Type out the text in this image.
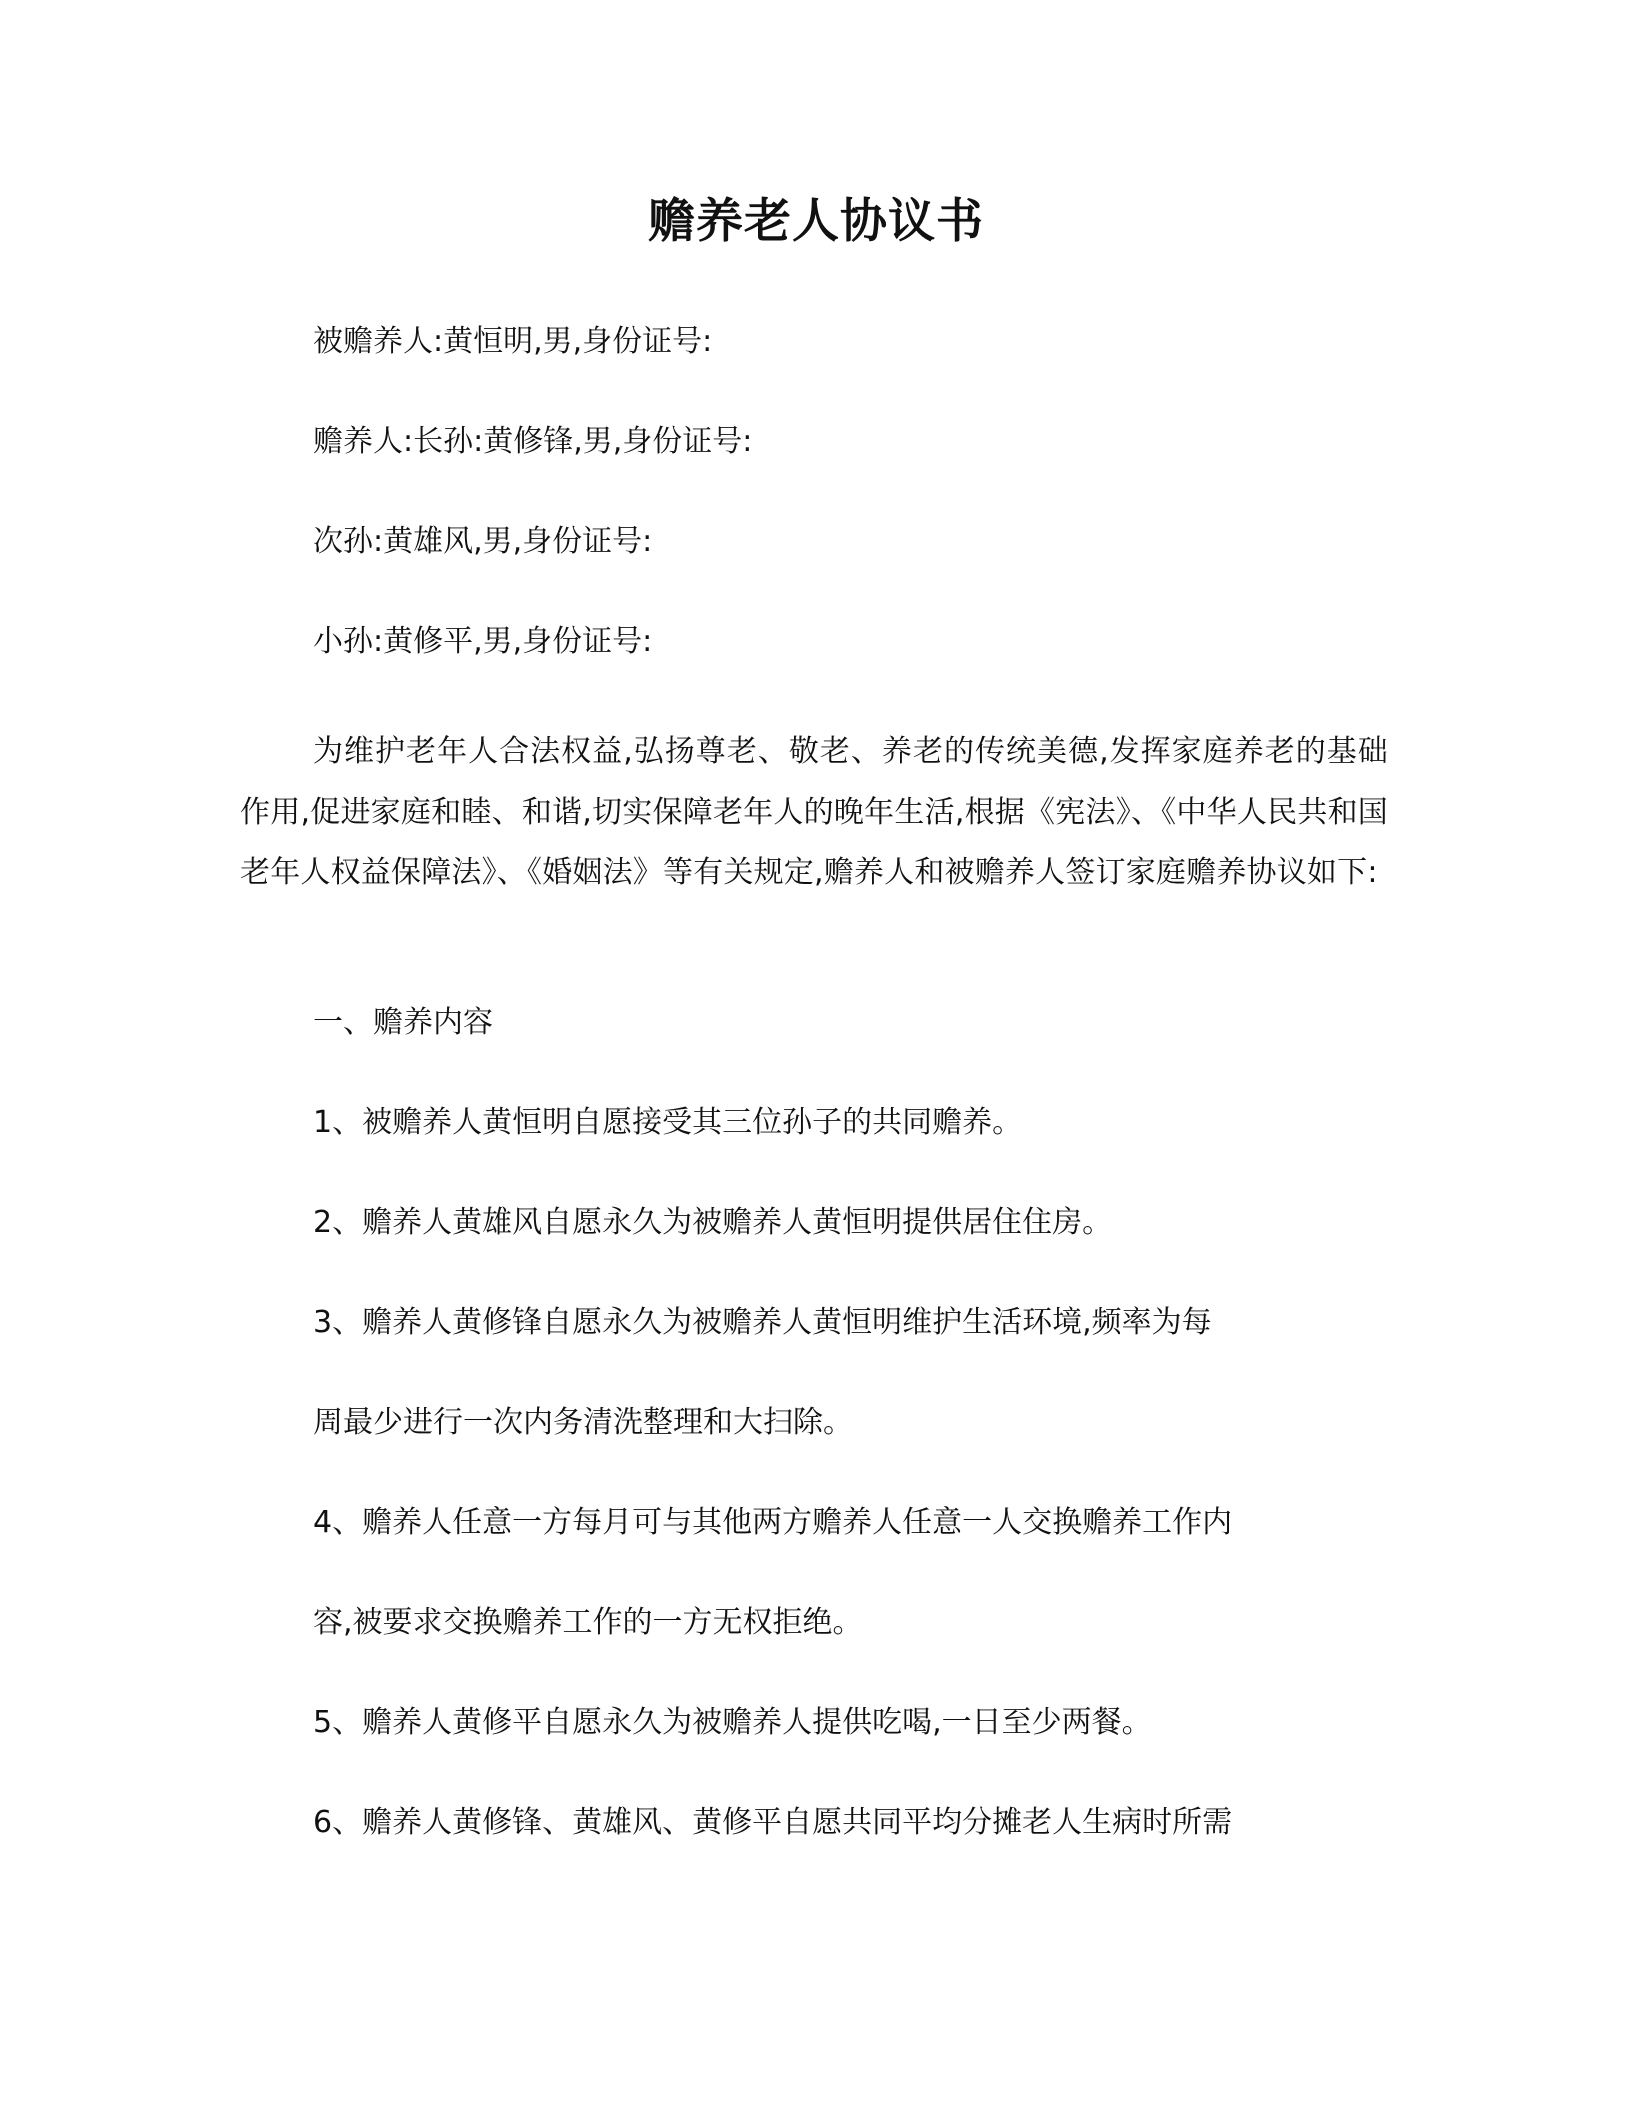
赡养老人协议书
被赡养人:黄恒明,男,身份证号:
赡养人:长孙:黄修锋,男,身份证号:
次孙:黄雄风,男,身份证号:
小孙:黄修平,男,身份证号:
为维护老年人合法权益,弘扬尊老、敬老、养老的传统美德,发挥家庭养老的基础作用,促进家庭和睦、和谐,切实保障老年人的晚年生活,根据《宪法》、《中华人民共和国老年人权益保障法》、《婚姻法》等有关规定,赡养人和被赡养人签订家庭赡养协议如下:
一、赡养内容
1、被赡养人黄恒明自愿接受其三位孙子的共同赡养。
2、赡养人黄雄风自愿永久为被赡养人黄恒明提供居住住房。
3、赡养人黄修锋自愿永久为被赡养人黄恒明维护生活环境,频率为每
周最少进行一次内务清洗整理和大扫除。
4、赡养人任意一方每月可与其他两方赡养人任意一人交换赡养工作内
容,被要求交换赡养工作的一方无权拒绝。
5、赡养人黄修平自愿永久为被赡养人提供吃喝,一日至少两餐。
6、赡养人黄修锋、黄雄风、黄修平自愿共同平均分摊老人生病时所需
